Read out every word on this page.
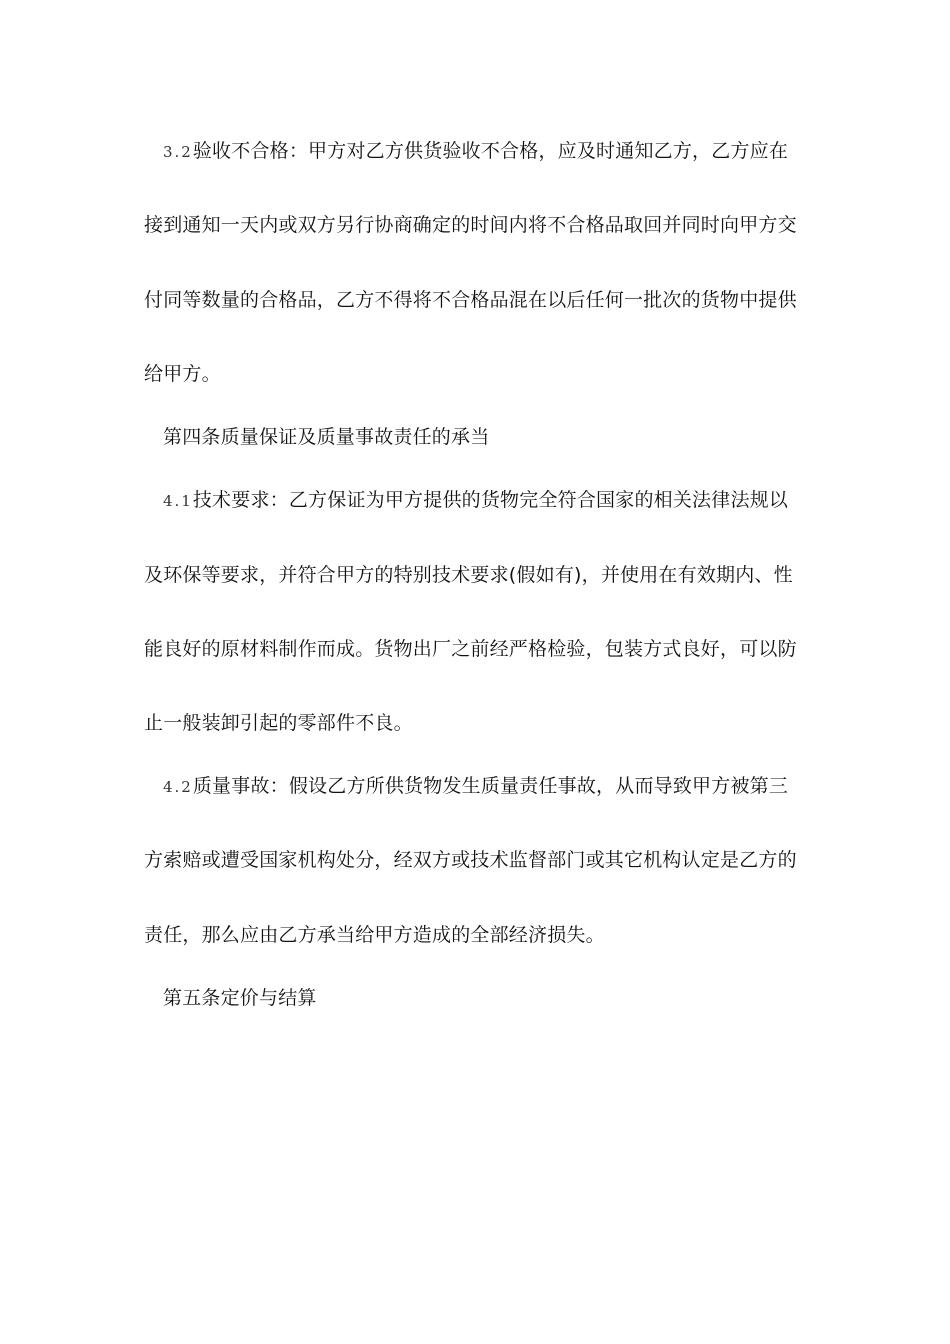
3.2验收不合格：甲方对乙方供货验收不合格，应及时通知乙方，乙方应在
接到通知一天内或双方另行协商确定的时间内将不合格品取回并同时向甲方交
付同等数量的合格品，乙方不得将不合格品混在以后任何一批次的货物中提供
给甲方。
第四条质量保证及质量事故责任的承当
4.1技术要求：乙方保证为甲方提供的货物完全符合国家的相关法律法规以
及环保等要求，并符合甲方的特别技术要求(假如有)，并使用在有效期内、性
能良好的原材料制作而成。货物出厂之前经严格检验，包装方式良好，可以防
止一般装卸引起的零部件不良。
4.2质量事故：假设乙方所供货物发生质量责任事故，从而导致甲方被第三
方索赔或遭受国家机构处分，经双方或技术监督部门或其它机构认定是乙方的
责任，那么应由乙方承当给甲方造成的全部经济损失。
第五条定价与结算
